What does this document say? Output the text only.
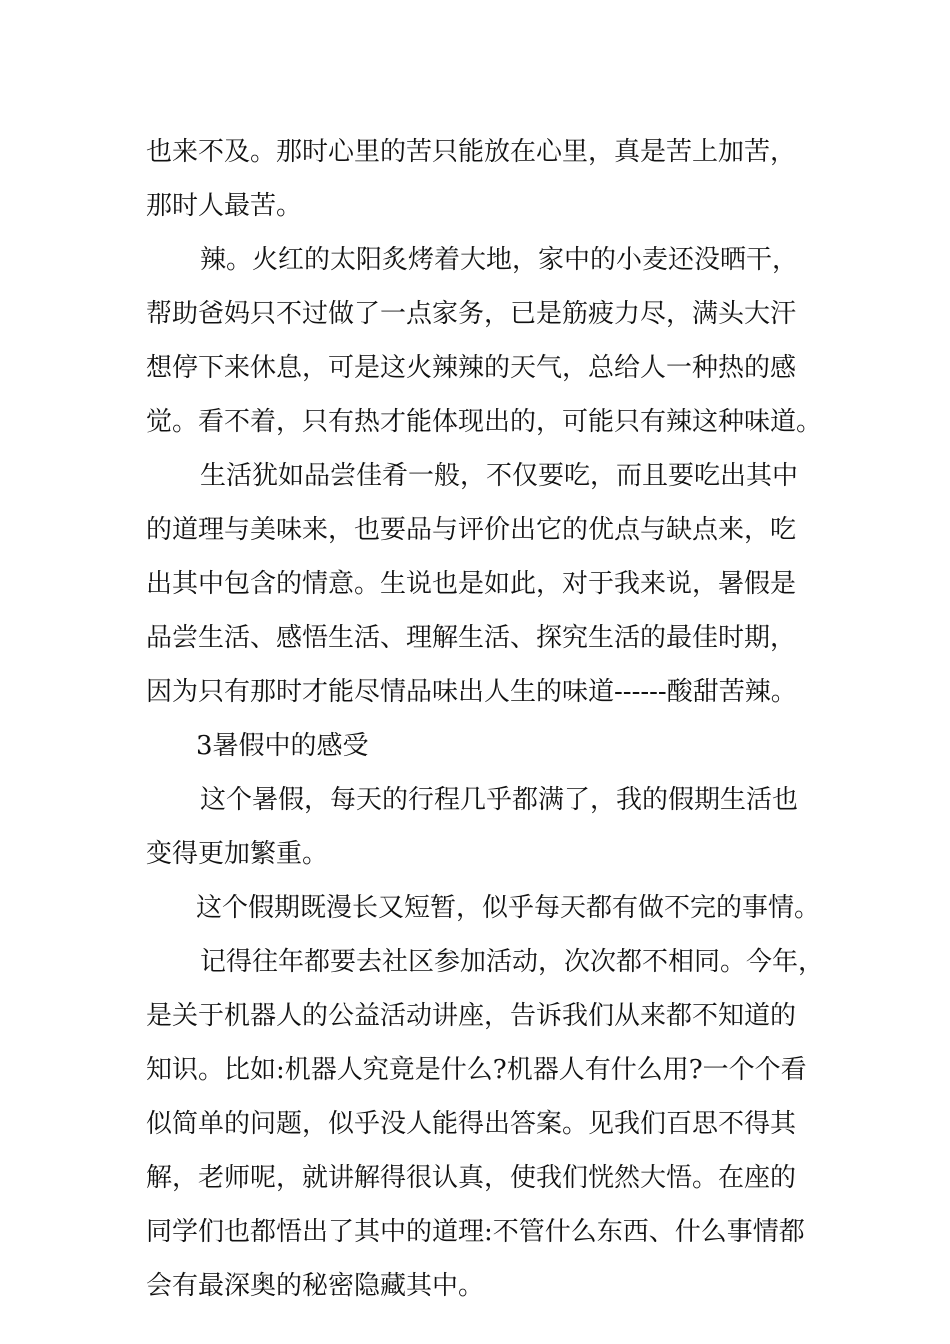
也来不及。那时心里的苦只能放在心里，真是苦上加苦，
那时人最苦。
辣。火红的太阳炙烤着大地，家中的小麦还没晒干，
帮助爸妈只不过做了一点家务，已是筋疲力尽，满头大汗
想停下来休息，可是这火辣辣的天气，总给人一种热的感
觉。看不着，只有热才能体现出的，可能只有辣这种味道。
生活犹如品尝佳肴一般，不仅要吃，而且要吃出其中
的道理与美味来，也要品与评价出它的优点与缺点来，吃
出其中包含的情意。生说也是如此，对于我来说，暑假是
品尝生活、感悟生活、理解生活、探究生活的最佳时期，
因为只有那时才能尽情品味出人生的味道------酸甜苦辣。
3暑假中的感受
这个暑假，每天的行程几乎都满了，我的假期生活也
变得更加繁重。
这个假期既漫长又短暂，似乎每天都有做不完的事情。
记得往年都要去社区参加活动，次次都不相同。今年，
是关于机器人的公益活动讲座，告诉我们从来都不知道的
知识。比如:机器人究竟是什么?机器人有什么用?一个个看
似简单的问题，似乎没人能得出答案。见我们百思不得其
解，老师呢，就讲解得很认真，使我们恍然大悟。在座的
同学们也都悟出了其中的道理:不管什么东西、什么事情都
会有最深奥的秘密隐藏其中。
